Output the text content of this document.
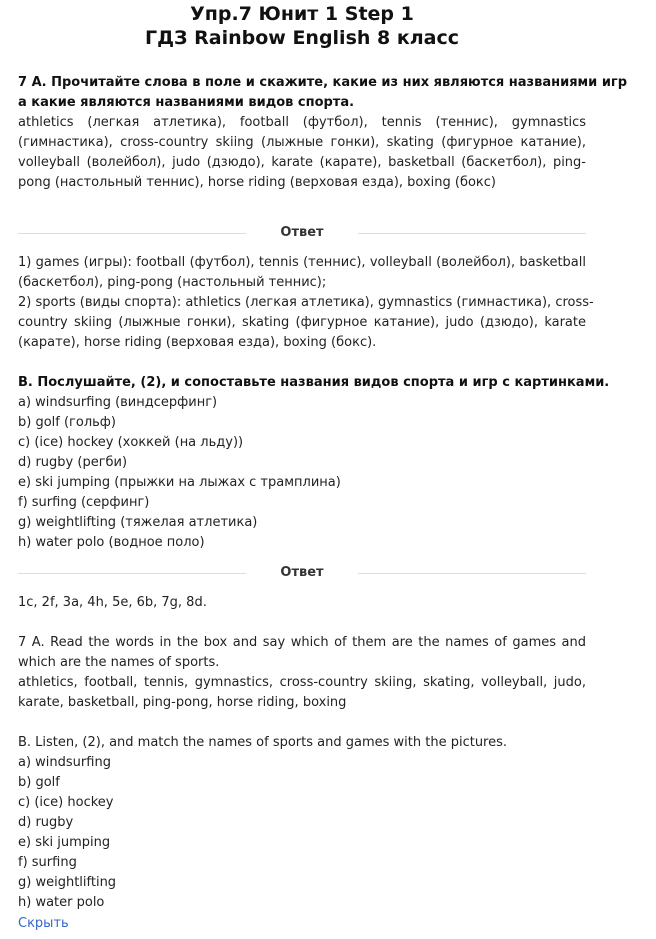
Упр.7 Юнит 1 Step 1
ГДЗ Rainbow English 8 класс
7 А. Прочитайте слова в поле и скажите, какие из них являются названиями игр
а какие являются названиями видов спорта.
athletics (легкая атлетика), football (футбол), tennis (теннис), gymnastics
(гимнастика), cross-country skiing (лыжные гонки), skating (фигурное катание),
volleyball (волейбол), judo (дзюдо), karate (карате), basketball (баскетбол), ping-
pong (настольный теннис), horse riding (верховая езда), boxing (бокс)
Ответ
1) games (игры): football (футбол), tennis (теннис), volleyball (волейбол), basketball
(баскетбол), ping-pong (настольный теннис);
2) sports (виды спорта): athletics (легкая атлетика), gymnastics (гимнастика), cross-
country skiing (лыжные гонки), skating (фигурное катание), judo (дзюдо), karate
(карате), horse riding (верховая езда), boxing (бокс).
B. Послушайте, (2), и сопоставьте названия видов спорта и игр с картинками.
a) windsurfing (виндсерфинг)
b) golf (гольф)
c) (ice) hockey (хоккей (на льду))
d) rugby (регби)
e) ski jumping (прыжки на лыжах с трамплина)
f) surfing (серфинг)
g) weightlifting (тяжелая атлетика)
h) water polo (водное поло)
Ответ
1c, 2f, 3a, 4h, 5e, 6b, 7g, 8d.
7 A. Read the words in the box and say which of them are the names of games and
which are the names of sports.
athletics, football, tennis, gymnastics, cross-country skiing, skating, volleyball, judo,
karate, basketball, ping-pong, horse riding, boxing
B. Listen, (2), and match the names of sports and games with the pictures.
a) windsurfing
b) golf
c) (ice) hockey
d) rugby
e) ski jumping
f) surfing
g) weightlifting
h) water polo
Скрыть
